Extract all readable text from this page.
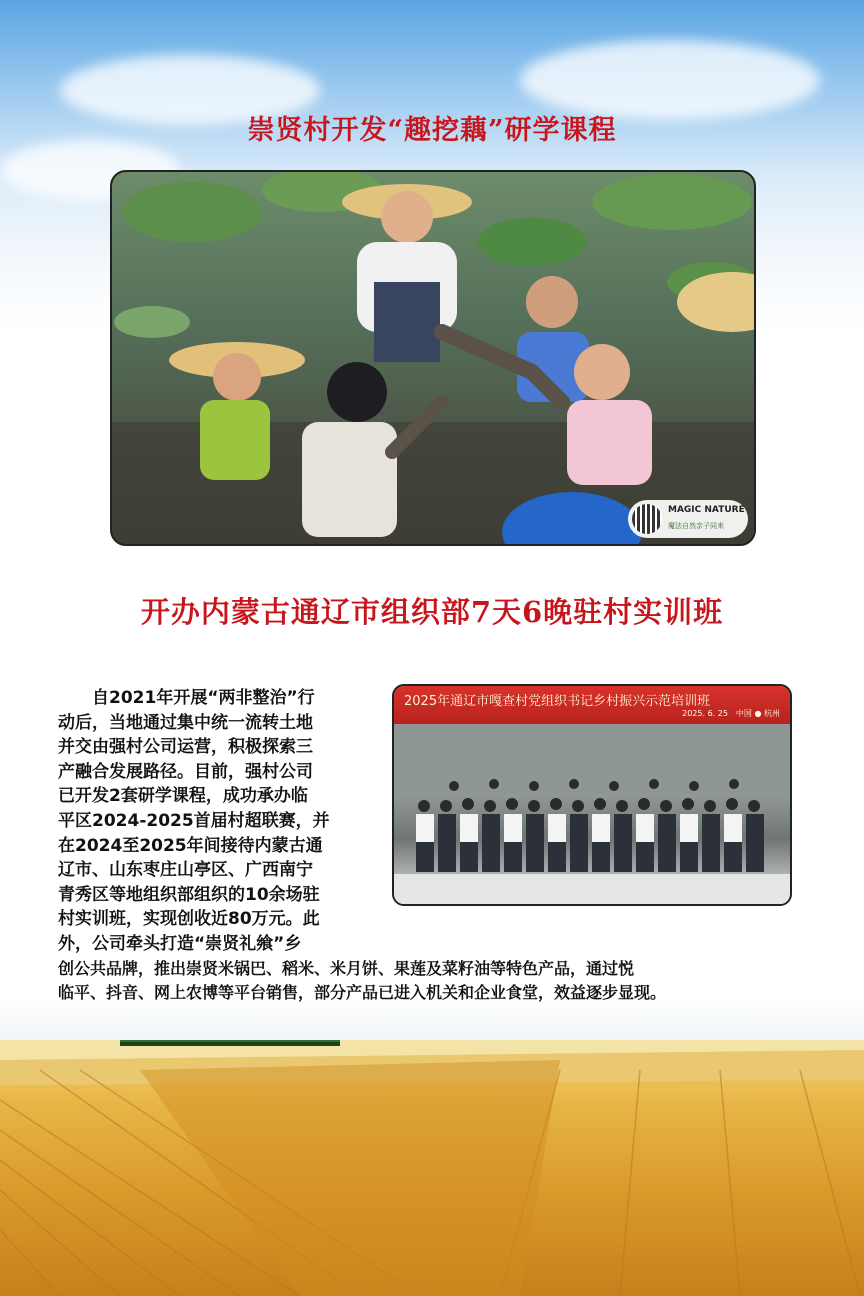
崇贤村开发“趣挖藕”研学课程
MAGIC NATURE
魔法自然亲子同来
开办内蒙古通辽市组织部7天6晚驻村实训班
2025年通辽市嘎查村党组织书记乡村振兴示范培训班
2025. 6. 25　中国 ● 杭州
　　自2021年开展“两非整治”行
动后，当地通过集中统一流转土地
并交由强村公司运营，积极探索三
产融合发展路径。目前，强村公司
已开发2套研学课程，成功承办临
平区2024-2025首届村超联赛，并
在2024至2025年间接待内蒙古通
辽市、山东枣庄山亭区、广西南宁
青秀区等地组织部组织的10余场驻
村实训班，实现创收近80万元。此
外，公司牵头打造“崇贤礼飨”乡
创公共品牌，推出崇贤米锅巴、稻米、米月饼、果莲及菜籽油等特色产品，通过悦
临平、抖音、网上农博等平台销售，部分产品已进入机关和企业食堂，效益逐步显现。
